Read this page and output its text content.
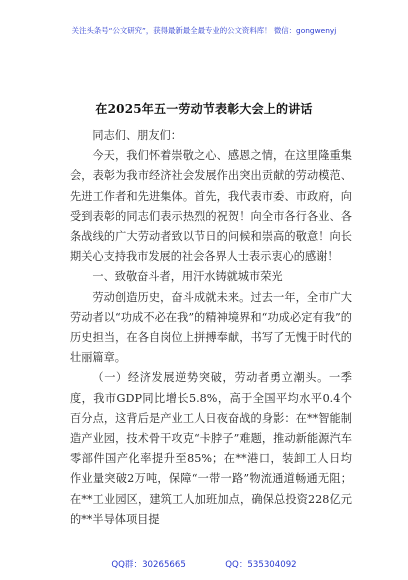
关注头条号“公文研究”，获得最新最全最专业的公文资料库！ 微信：gongwenyj
在2025年五一劳动节表彰大会上的讲话

同志们、朋友们：

今天，我们怀着崇敬之心、感恩之情，在这里隆重集会，表彰为我市经济社会发展作出突出贡献的劳动模范、先进工作者和先进集体。首先，我代表市委、市政府，向受到表彰的同志们表示热烈的祝贺！向全市各行各业、各条战线的广大劳动者致以节日的问候和崇高的敬意！向长期关心支持我市发展的社会各界人士表示衷心的感谢！

一、致敬奋斗者，用汗水铸就城市荣光

劳动创造历史，奋斗成就未来。过去一年，全市广大劳动者以“功成不必在我”的精神境界和“功成必定有我”的历史担当，在各自岗位上拼搏奉献，书写了无愧于时代的壮丽篇章。

（一）经济发展逆势突破，劳动者勇立潮头。一季度，我市GDP同比增长5.8%，高于全国平均水平0.4个百分点，这背后是产业工人日夜奋战的身影：在**智能制造产业园，技术骨干攻克“卡脖子”难题，推动新能源汽车零部件国产化率提升至85%；在**港口，装卸工人日均作业量突破2万吨，保障“一带一路”物流通道畅通无阻；在**工业园区，建筑工人加班加点，确保总投资228亿元的**半导体项目提

QQ群：30265665	QQ：535304092
